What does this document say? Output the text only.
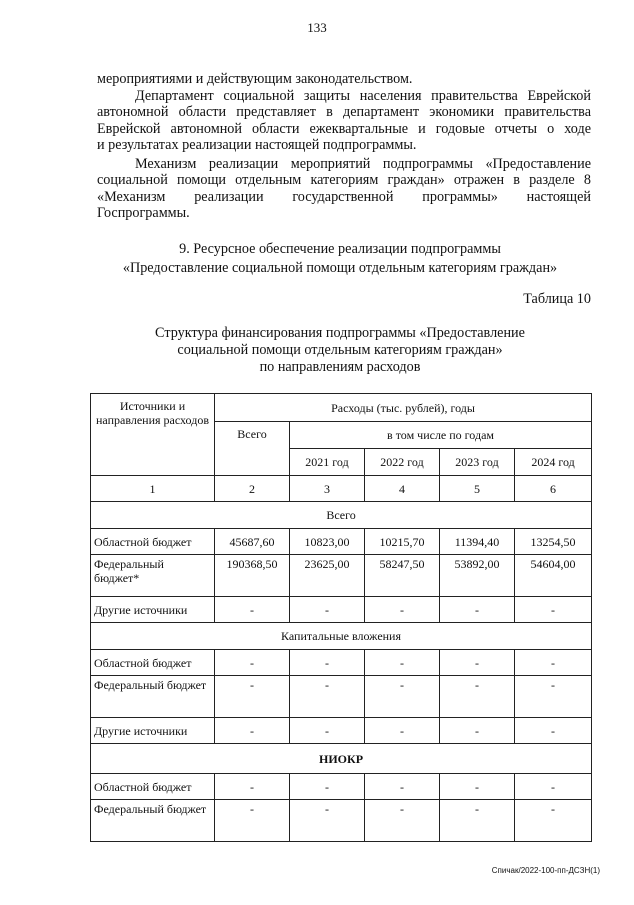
133
мероприятиями и действующим законодательством.
Департамент социальной защиты населения правительства Еврейской
автономной области представляет в департамент экономики правительства
Еврейской автономной области ежеквартальные и годовые отчеты о ходе
и результатах реализации настоящей подпрограммы.
Механизм реализации мероприятий подпрограммы «Предоставление
социальной помощи отдельным категориям граждан» отражен в разделе 8
«Механизм реализации государственной программы» настоящей
Госпрограммы.
9. Ресурсное обеспечение реализации подпрограммы
«Предоставление социальной помощи отдельным категориям граждан»
Таблица 10
Структура финансирования подпрограммы «Предоставление
социальной помощи отдельным категориям граждан»
по направлениям расходов
Источники и направления расходов	Расходы (тыс. рублей), годы				
	Всего	в том числе по годам			
		2021 год	2022 год	2023 год	2024 год
1	2	3	4	5	6
Всего					
Областной бюджет	45687,60	10823,00	10215,70	11394,40	13254,50
Федеральный бюджет*	190368,50	23625,00	58247,50	53892,00	54604,00
Другие источники	-	-	-	-	-
Капитальные вложения					
Областной бюджет	-	-	-	-	-
Федеральный бюджет	-	-	-	-	-
Другие источники	-	-	-	-	-
НИОКР					
Областной бюджет	-	-	-	-	-
Федеральный бюджет	-	-	-	-	-
Спичак/2022-100-пп-ДСЗН(1)
